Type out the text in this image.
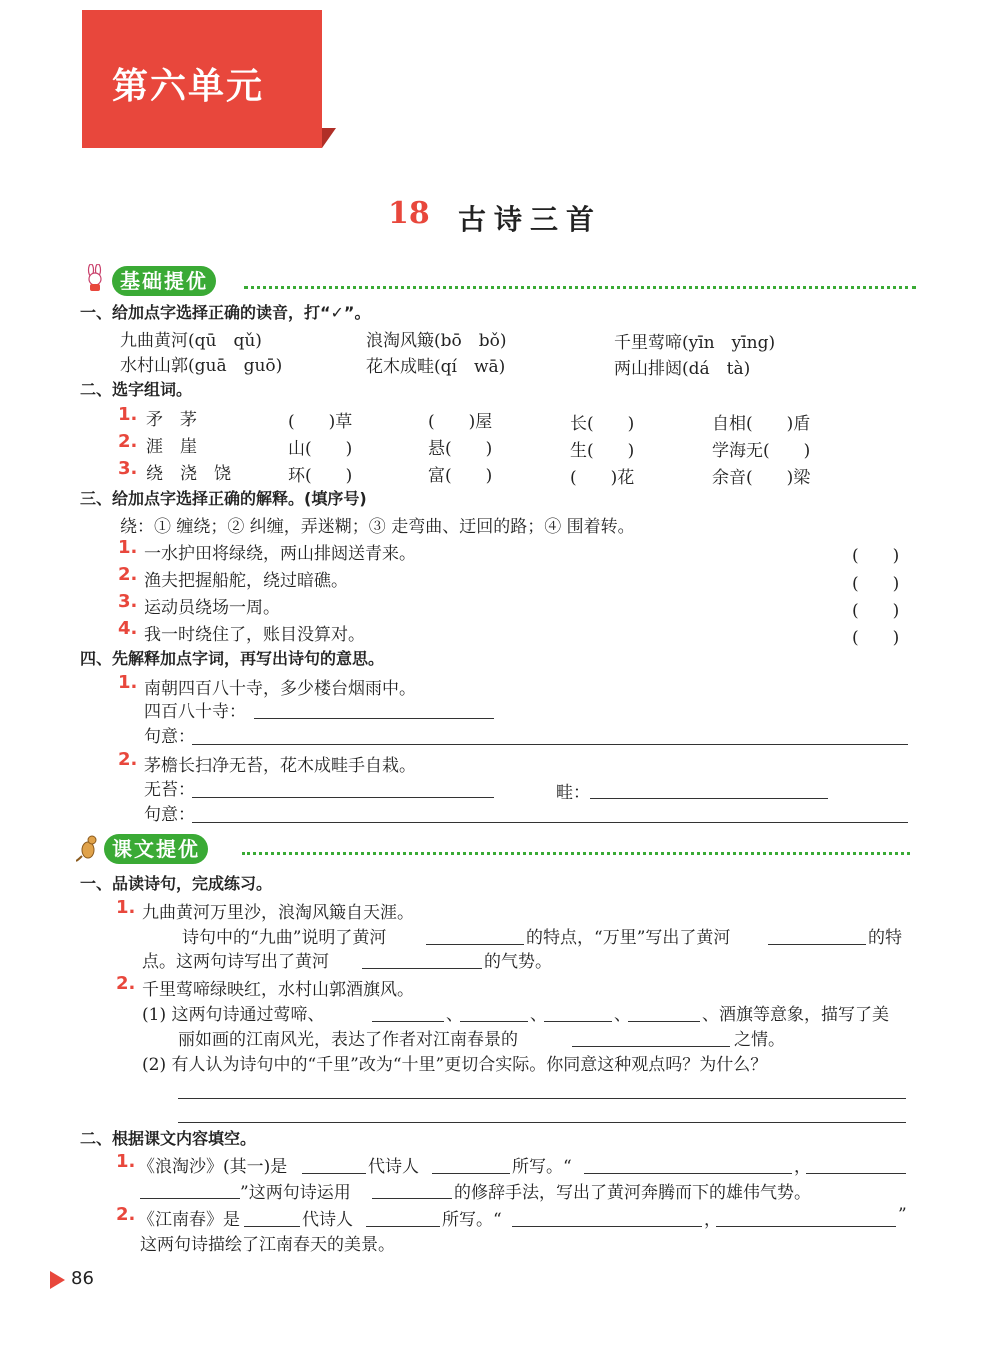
第六单元
18 古诗三首
基础提优
一、给加点字选择正确的读音，打“✓”。
九曲黄河(qū　qǔ)	浪淘风簸(bō　bǒ)	千里莺啼(yīn　yīng)
水村山郭(guā　guō)	花木成畦(qí　wā)	两山排闼(dá　tà)
二、选字组词。
1. 矛　茅	(　　)草	(　　)屋	长(　　)	自相(　　)盾
2. 涯　崖	山(　　)	悬(　　)	生(　　)	学海无(　　)
3. 绕　浇　饶	环(　　)	富(　　)	(　　)花	余音(　　)梁
三、给加点字选择正确的解释。(填序号)
绕：① 缠绕；② 纠缠，弄迷糊；③ 走弯曲、迂回的路；④ 围着转。
1. 一水护田将绿绕，两山排闼送青来。	(　　)
2. 渔夫把握船舵，绕过暗礁。	(　　)
3. 运动员绕场一周。	(　　)
4. 我一时绕住了，账目没算对。	(　　)
四、先解释加点字词，再写出诗句的意思。
1. 南朝四百八十寺，多少楼台烟雨中。
四百八十寺：
句意：
2. 茅檐长扫净无苔，花木成畦手自栽。
无苔：	畦：
句意：
课文提优
一、品读诗句，完成练习。
1. 九曲黄河万里沙，浪淘风簸自天涯。
诗句中的“九曲”说明了黄河	的特点，“万里”写出了黄河	的特
点。这两句诗写出了黄河	的气势。
2. 千里莺啼绿映红，水村山郭酒旗风。
(1) 这两句诗通过莺啼、	、	、	、	、酒旗等意象，描写了美
丽如画的江南风光，表达了作者对江南春景的	之情。
(2) 有人认为诗句中的“千里”改为“十里”更切合实际。你同意这种观点吗？为什么？
二、根据课文内容填空。
1. 《浪淘沙》(其一)是	代诗人	所写。“	，
”这两句诗运用	的修辞手法，写出了黄河奔腾而下的雄伟气势。
2. 《江南春》是	代诗人	所写。“	，	”
这两句诗描绘了江南春天的美景。
86
